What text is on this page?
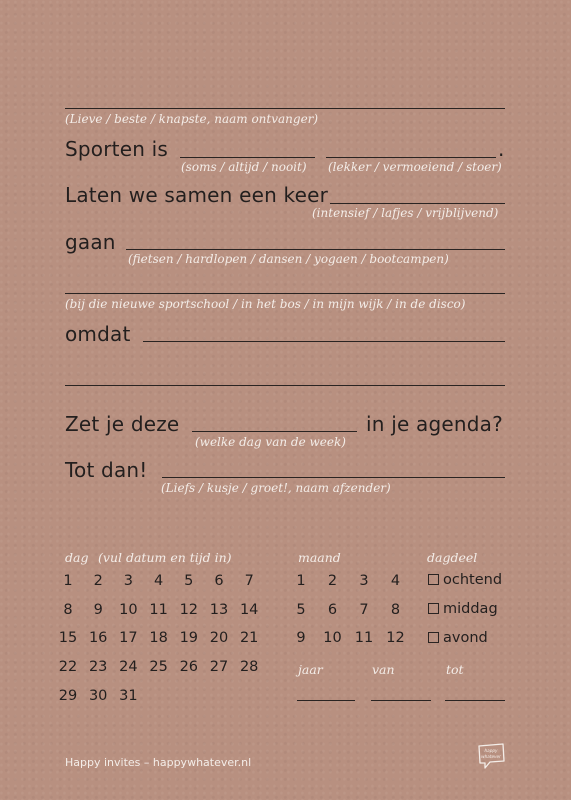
(Lieve / beste / knapste, naam ontvanger)
Sporten is	.
(soms / altijd / nooit) (lekker / vermoeiend / stoer)
Laten we samen een keer
(intensief / lafjes / vrijblijvend)
gaan
(fietsen / hardlopen / dansen / yogaen / bootcampen)
(bij die nieuwe sportschool / in het bos / in mijn wijk / in de disco)
omdat
Zet je deze	in je agenda?
(welke dag van de week)
Tot dan!
(Liefs / kusje / groet!, naam afzender)
dag (vul datum en tijd in)	maand	dagdeel
1	2	3	4	5	6	7
8	9	10 11 12 13 14
15 16 17 18 19 20 21
22 23 24 25 26 27 28
29 30 31
1	2	3	4
5	6	7	8
9	10 11 12
ochtend
middag
avond
jaar	van	tot
Happy invites – happywhatever.nl
happy
whatever
